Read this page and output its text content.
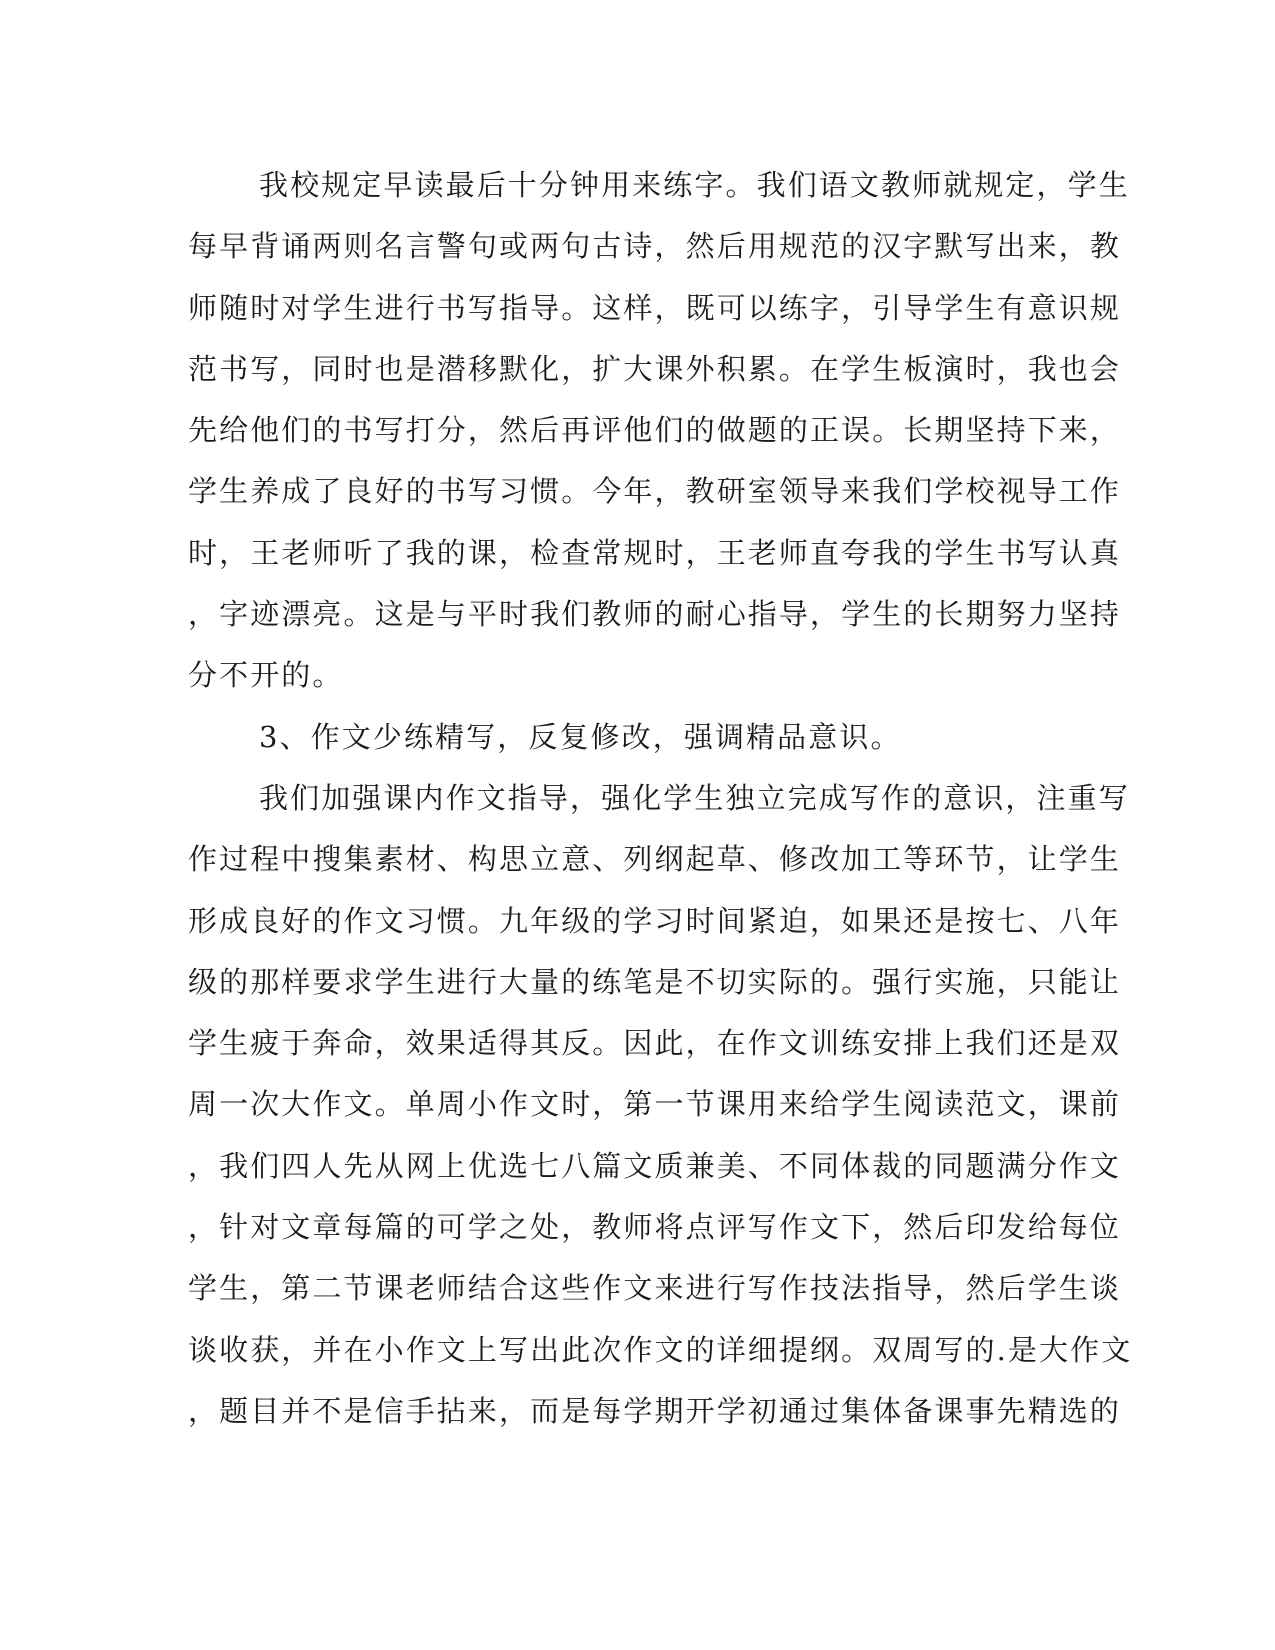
我校规定早读最后十分钟用来练字。我们语文教师就规定，学生
每早背诵两则名言警句或两句古诗，然后用规范的汉字默写出来，教
师随时对学生进行书写指导。这样，既可以练字，引导学生有意识规
范书写，同时也是潜移默化，扩大课外积累。在学生板演时，我也会
先给他们的书写打分，然后再评他们的做题的正误。长期坚持下来，
学生养成了良好的书写习惯。今年，教研室领导来我们学校视导工作
时，王老师听了我的课，检查常规时，王老师直夸我的学生书写认真
，字迹漂亮。这是与平时我们教师的耐心指导，学生的长期努力坚持
分不开的。
3、作文少练精写，反复修改，强调精品意识。
我们加强课内作文指导，强化学生独立完成写作的意识，注重写
作过程中搜集素材、构思立意、列纲起草、修改加工等环节，让学生
形成良好的作文习惯。九年级的学习时间紧迫，如果还是按七、八年
级的那样要求学生进行大量的练笔是不切实际的。强行实施，只能让
学生疲于奔命，效果适得其反。因此，在作文训练安排上我们还是双
周一次大作文。单周小作文时，第一节课用来给学生阅读范文，课前
，我们四人先从网上优选七八篇文质兼美、不同体裁的同题满分作文
，针对文章每篇的可学之处，教师将点评写作文下，然后印发给每位
学生，第二节课老师结合这些作文来进行写作技法指导，然后学生谈
谈收获，并在小作文上写出此次作文的详细提纲。双周写的.是大作文
，题目并不是信手拈来，而是每学期开学初通过集体备课事先精选的
